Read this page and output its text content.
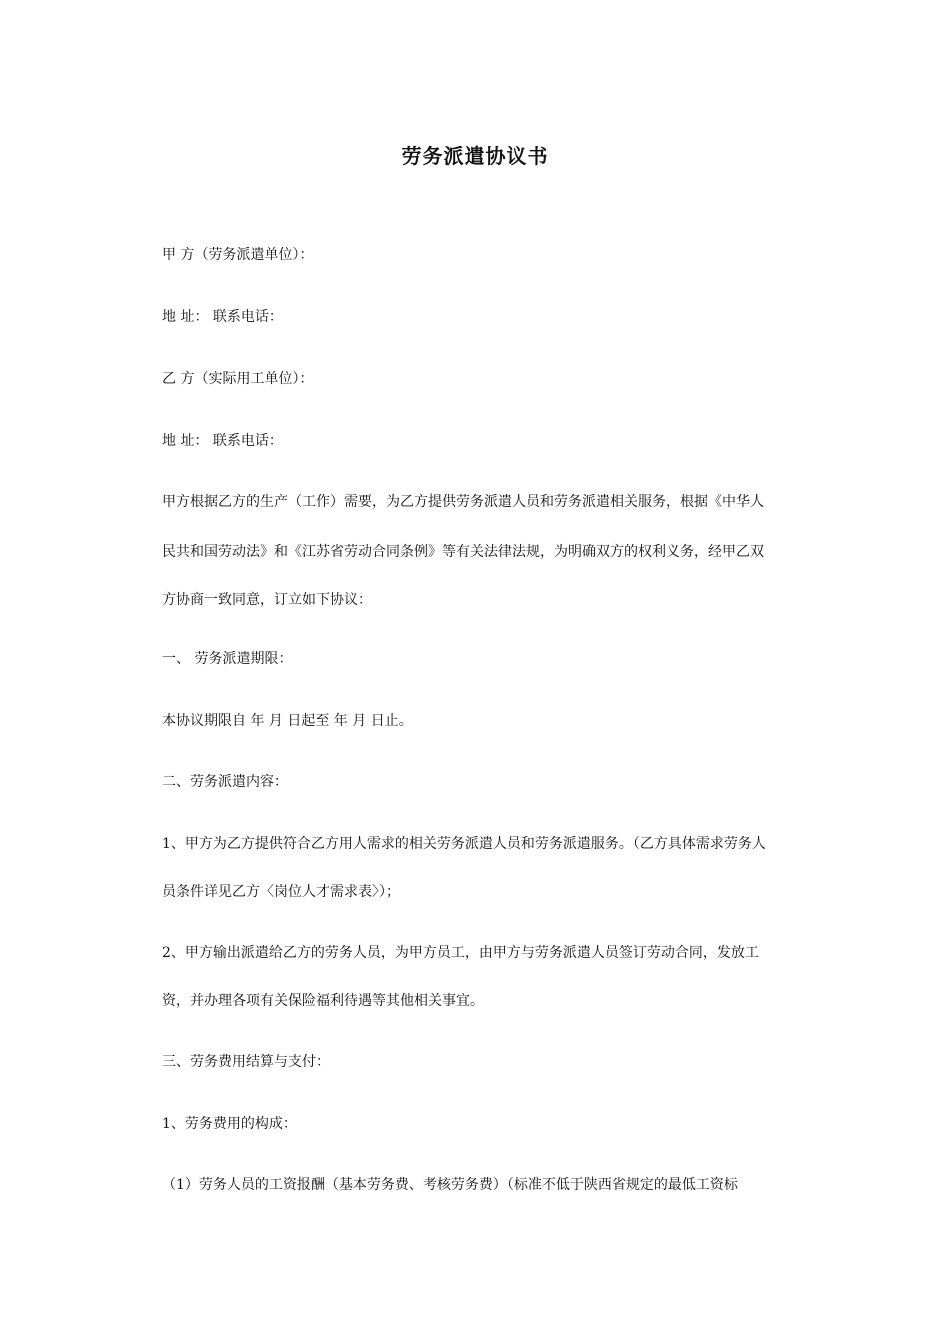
劳务派遣协议书
甲 方（劳务派遣单位）：
地 址： 联系电话：
乙 方（实际用工单位）：
地 址： 联系电话：
甲方根据乙方的生产（工作）需要，为乙方提供劳务派遣人员和劳务派遣相关服务，根据《中华人
民共和国劳动法》和《江苏省劳动合同条例》等有关法律法规，为明确双方的权利义务，经甲乙双
方协商一致同意，订立如下协议：
一、 劳务派遣期限：
本协议期限自 年 月 日起至 年 月 日止。
二、劳务派遣内容：
1、甲方为乙方提供符合乙方用人需求的相关劳务派遣人员和劳务派遣服务。（乙方具体需求劳务人
员条件详见乙方〈岗位人才需求表〉）；
2、甲方输出派遣给乙方的劳务人员，为甲方员工，由甲方与劳务派遣人员签订劳动合同，发放工
资，并办理各项有关保险福利待遇等其他相关事宜。
三、劳务费用结算与支付：
1、劳务费用的构成：
（1）劳务人员的工资报酬（基本劳务费、考核劳务费）（标准不低于陕西省规定的最低工资标
